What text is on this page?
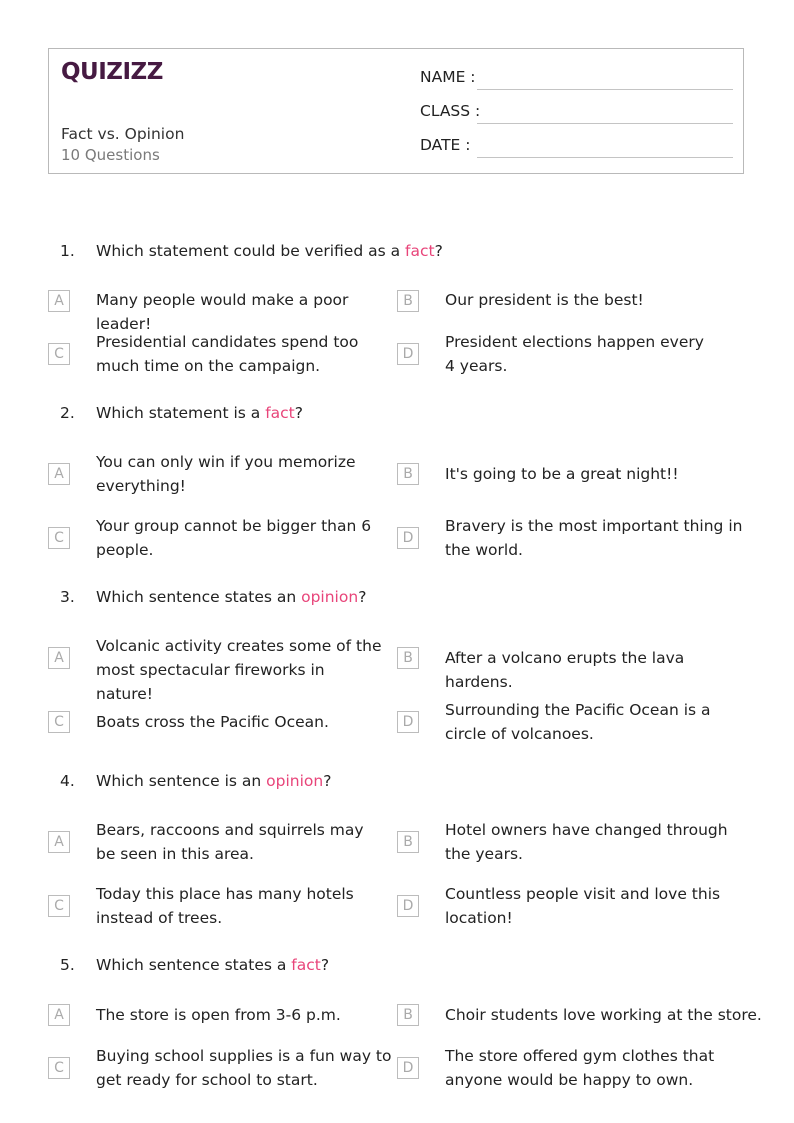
QUIZIZZ
Fact vs. Opinion
10 Questions
NAME :
CLASS :
DATE :
1. Which statement could be verified as a fact?
A	Many people would make a poor leader!
B	Our president is the best!
C
Presidential candidates spend too much time on the campaign.
D
President elections happen every 4 years.
2. Which statement is a fact?
A
You can only win if you memorize everything!
B	It's going to be a great night!!
C
Your group cannot be bigger than 6 people.
D
Bravery is the most important thing in the world.
3. Which sentence states an opinion?
A
Volcanic activity creates some of the most spectacular fireworks in nature!
B	After a volcano erupts the lava hardens.
C	Boats cross the Pacific Ocean.	D
Surrounding the Pacific Ocean is a circle of volcanoes.
4. Which sentence is an opinion?
A
Bears, raccoons and squirrels may be seen in this area.
B
Hotel owners have changed through the years.
C
Today this place has many hotels instead of trees.
D
Countless people visit and love this location!
5. Which sentence states a fact?
A	The store is open from 3-6 p.m.	B	Choir students love working at the store.
C
Buying school supplies is a fun way to get ready for school to start.
D
The store offered gym clothes that anyone would be happy to own.
